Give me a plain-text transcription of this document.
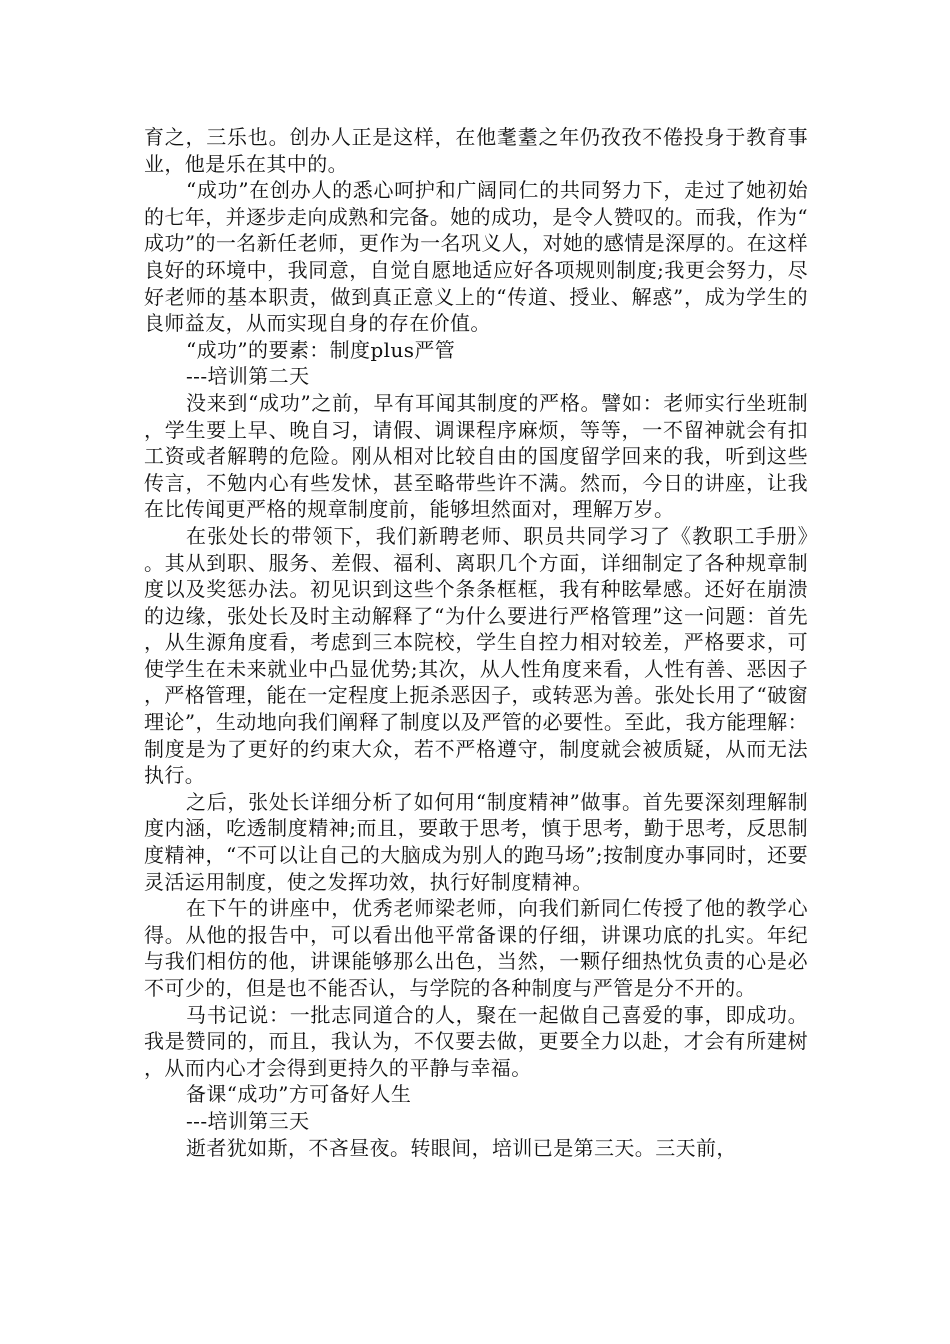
育之，三乐也。创办人正是这样，在他耄耋之年仍孜孜不倦投身于教育事业，他是乐在其中的。

“成功”在创办人的悉心呵护和广阔同仁的共同努力下，走过了她初始的七年，并逐步走向成熟和完备。她的成功，是令人赞叹的。而我，作为“成功”的一名新任老师，更作为一名巩义人，对她的感情是深厚的。在这样良好的环境中，我同意，自觉自愿地适应好各项规则制度;我更会努力，尽好老师的基本职责，做到真正意义上的“传道、授业、解惑”，成为学生的良师益友，从而实现自身的存在价值。

“成功”的要素：制度plus严管

---培训第二天

没来到“成功”之前，早有耳闻其制度的严格。譬如：老师实行坐班制，学生要上早、晚自习，请假、调课程序麻烦，等等，一不留神就会有扣工资或者解聘的危险。刚从相对比较自由的国度留学回来的我，听到这些传言，不勉内心有些发怵，甚至略带些许不满。然而，今日的讲座，让我在比传闻更严格的规章制度前，能够坦然面对，理解万岁。

在张处长的带领下，我们新聘老师、职员共同学习了《教职工手册》。其从到职、服务、差假、福利、离职几个方面，详细制定了各种规章制度以及奖惩办法。初见识到这些个条条框框，我有种眩晕感。还好在崩溃的边缘，张处长及时主动解释了“为什么要进行严格管理”这一问题：首先，从生源角度看，考虑到三本院校，学生自控力相对较差，严格要求，可使学生在未来就业中凸显优势;其次，从人性角度来看，人性有善、恶因子，严格管理，能在一定程度上扼杀恶因子，或转恶为善。张处长用了“破窗理论”，生动地向我们阐释了制度以及严管的必要性。至此，我方能理解：制度是为了更好的约束大众，若不严格遵守，制度就会被质疑，从而无法执行。

之后，张处长详细分析了如何用“制度精神”做事。首先要深刻理解制度内涵，吃透制度精神;而且，要敢于思考，慎于思考，勤于思考，反思制度精神，“不可以让自己的大脑成为别人的跑马场”;按制度办事同时，还要灵活运用制度，使之发挥功效，执行好制度精神。

在下午的讲座中，优秀老师梁老师，向我们新同仁传授了他的教学心得。从他的报告中，可以看出他平常备课的仔细，讲课功底的扎实。年纪与我们相仿的他，讲课能够那么出色，当然，一颗仔细热忱负责的心是必不可少的，但是也不能否认，与学院的各种制度与严管是分不开的。

马书记说：一批志同道合的人，聚在一起做自己喜爱的事，即成功。我是赞同的，而且，我认为，不仅要去做，更要全力以赴，才会有所建树，从而内心才会得到更持久的平静与幸福。

备课“成功”方可备好人生

---培训第三天

逝者犹如斯，不吝昼夜。转眼间，培训已是第三天。三天前，
